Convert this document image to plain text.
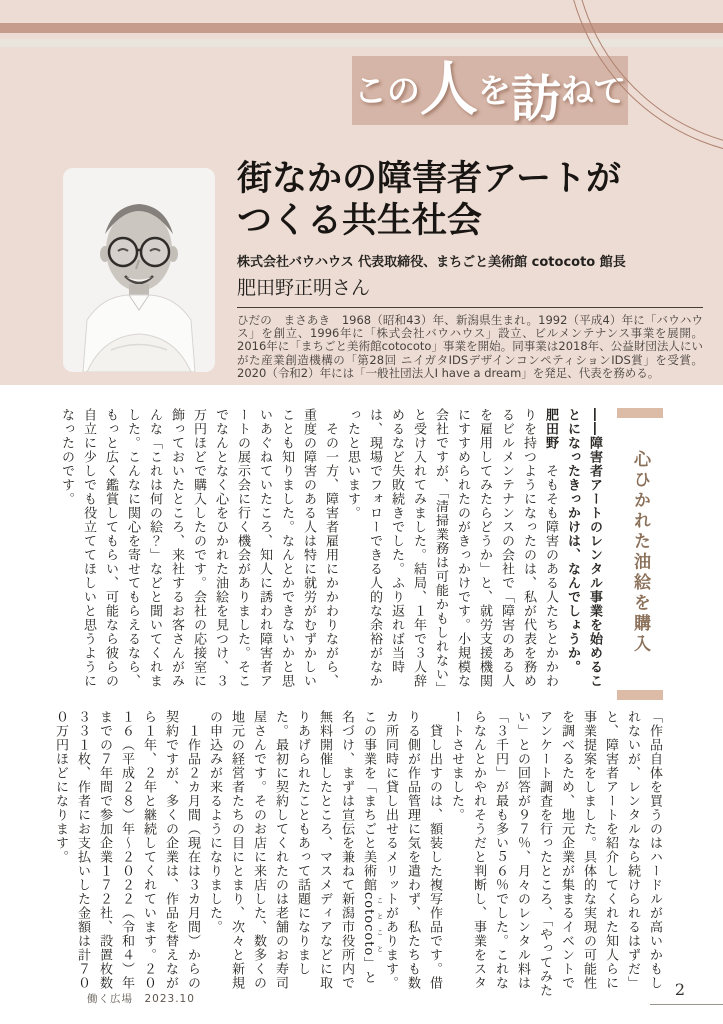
この 人 を 訪 ねて
街なかの障害者アートが
つくる共生社会
株式会社バウハウス 代表取締役、まちごと美術館 cotocoto 館長
肥田野正明さん

ひだの　まさあき　1968（昭和43）年、新潟県生まれ。1992（平成4）年に「バウハウス」を創立、1996年に「株式会社バウハウス」設立、ビルメンテナンス事業を展開。2016年に「まちごと美術館cotocoto」事業を開始。同事業は2018年、公益財団法人にいがた産業創造機構の「第28回 ニイガタIDSデザインコンペティションIDS賞」を受賞。2020（令和2）年には「一般社団法人I have a dream」を発足、代表を務める。

心ひかれた油絵を購入

――障害者アートのレンタル事業を始めることになったきっかけは、なんでしょうか。

肥田野　そもそも障害のある人たちとかかわりを持つようになったのは、私が代表を務めるビルメンテナンスの会社で「障害のある人を雇用してみたらどうか」と、就労支援機関にすすめられたのがきっかけです。小規模な会社ですが、「清掃業務は可能かもしれない」と受け入れてみました。結局、１年で３人辞めるなど失敗続きでした。ふり返れば当時は、現場でフォローできる人的な余裕がなかったと思います。

　その一方、障害者雇用にかかわりながら、重度の障害のある人は特に就労がむずかしいことも知りました。なんとかできないかと思いあぐねていたころ、知人に誘われ障害者アートの展示会に行く機会がありました。そこでなんとなく心をひかれた油絵を見つけ、３万円ほどで購入したのです。会社の応接室に飾っておいたところ、来社するお客さんがみんな「これは何の絵？」などと聞いてくれました。こんなに関心を寄せてもらえるなら、もっと広く鑑賞してもらい、可能なら彼らの自立に少しでも役立ててほしいと思うようになったのです。

「作品自体を買うのはハードルが高いかもしれないが、レンタルなら続けられるはずだ」と、障害者アートを紹介してくれた知人らに事業提案をしました。具体的な実現の可能性を調べるため、地元企業が集まるイベントでアンケート調査を行ったところ、「やってみたい」との回答が９７％、月々のレンタル料は「３千円」が最も多い５６％でした。これならなんとかやれそうだと判断し、事業をスタートさせました。

　貸し出すのは、額装した複写作品です。借りる側が作品管理に気を遣わず、私たちも数カ所同時に貸し出せるメリットがあります。この事業を「まちごと美術館cotocoto ことこと」と名づけ、まずは宣伝を兼ねて新潟市役所内で無料開催したところ、マスメディアなどに取りあげられたこともあって話題になりました。最初に契約してくれたのは老舗のお寿司屋さんです。そのお店に来店した、数多くの地元の経営者たちの目にとまり、次々と新規の申込みが来るようになりました。

　１作品２カ月間（現在は３カ月間）からの契約ですが、多くの企業は、作品を替えながら１年、２年と継続してくれています。２０１６（平成２８）年〜２０２２（令和４）年までの７年間で参加企業１７２社、設置枚数３３１枚、作者にお支払いした金額は計７００万円ほどになります。

働く広場　2023.10	2
